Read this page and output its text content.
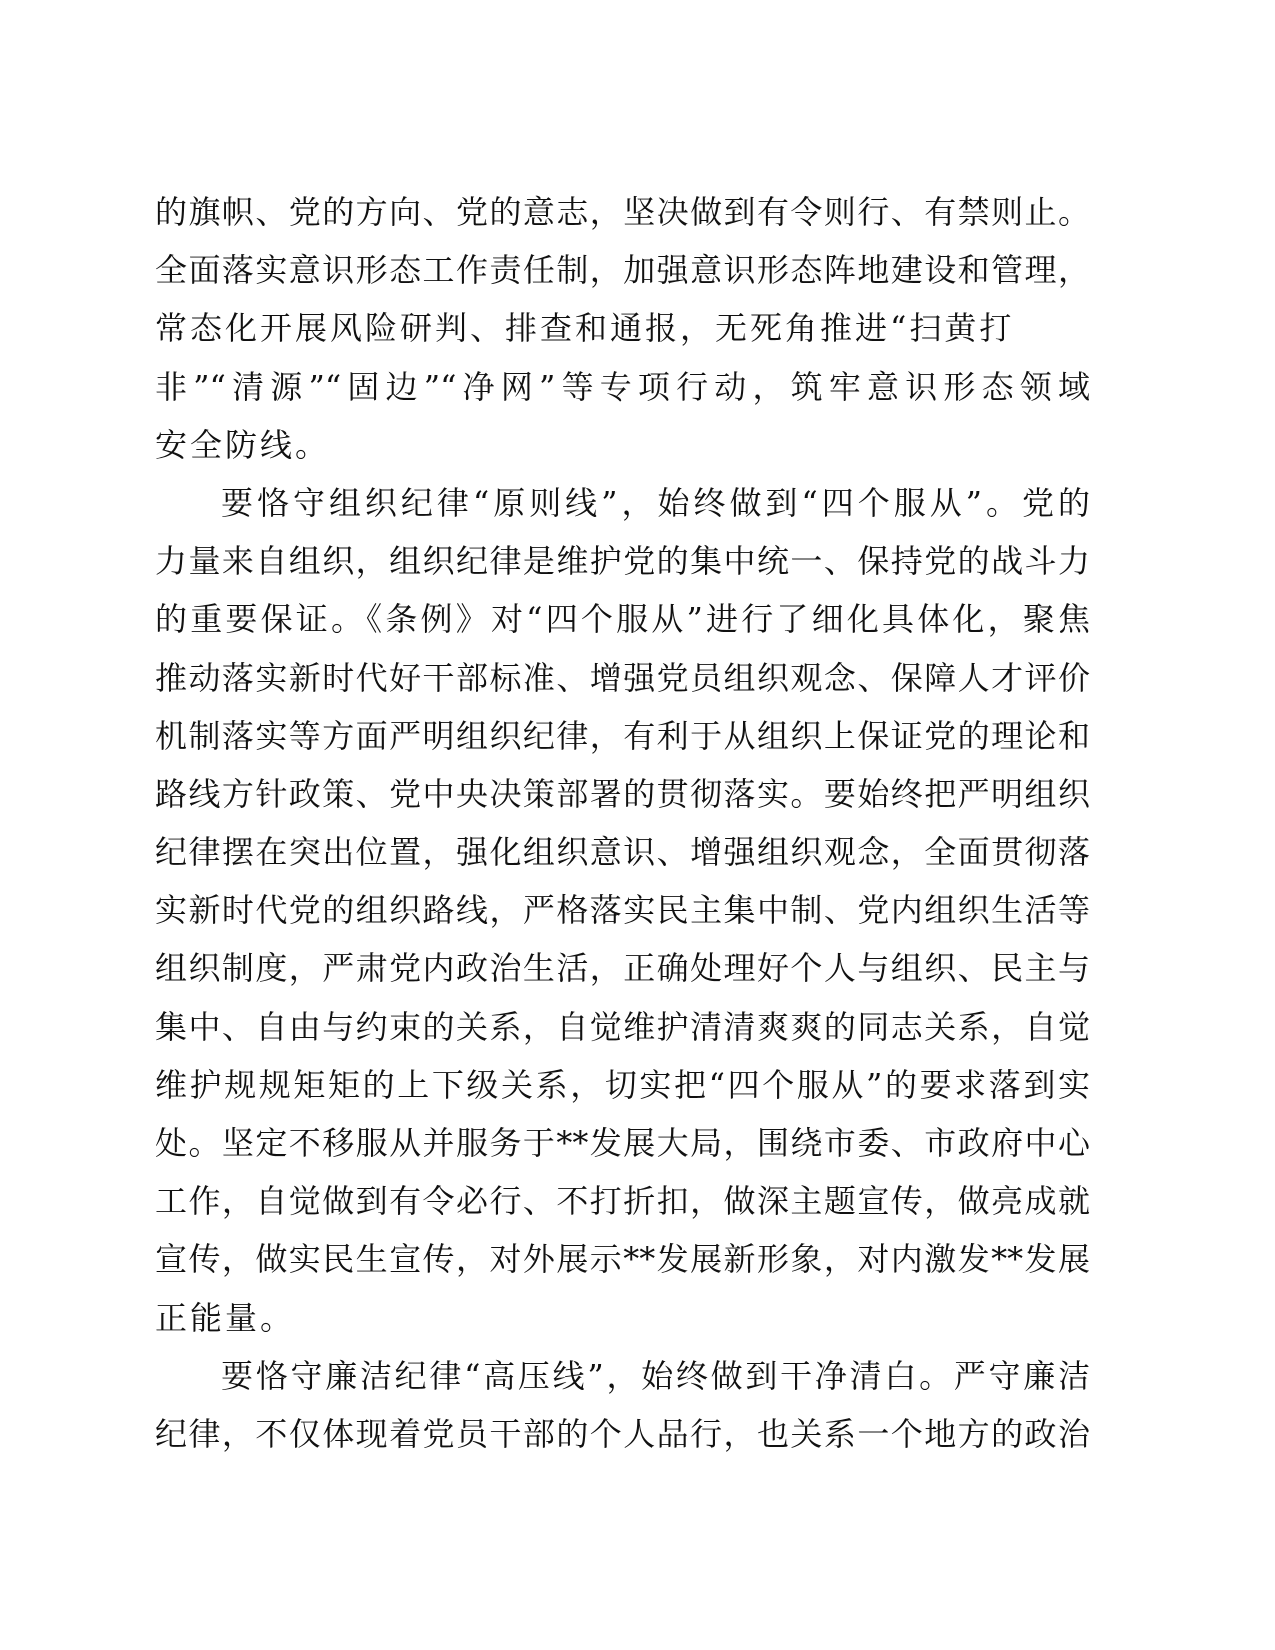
的旗帜、党的方向、党的意志，坚决做到有令则行、有禁则止。
全面落实意识形态工作责任制，加强意识形态阵地建设和管理，
常态化开展风险研判、排查和通报，无死角推进“扫黄打
非”“清源”“固边”“净网”等专项行动，筑牢意识形态领域
安全防线。
要恪守组织纪律“原则线”，始终做到“四个服从”。党的
力量来自组织，组织纪律是维护党的集中统一、保持党的战斗力
的重要保证。《条例》对“四个服从”进行了细化具体化，聚焦
推动落实新时代好干部标准、增强党员组织观念、保障人才评价
机制落实等方面严明组织纪律，有利于从组织上保证党的理论和
路线方针政策、党中央决策部署的贯彻落实。要始终把严明组织
纪律摆在突出位置，强化组织意识、增强组织观念，全面贯彻落
实新时代党的组织路线，严格落实民主集中制、党内组织生活等
组织制度，严肃党内政治生活，正确处理好个人与组织、民主与
集中、自由与约束的关系，自觉维护清清爽爽的同志关系，自觉
维护规规矩矩的上下级关系，切实把“四个服从”的要求落到实
处。坚定不移服从并服务于**发展大局，围绕市委、市政府中心
工作，自觉做到有令必行、不打折扣，做深主题宣传，做亮成就
宣传，做实民生宣传，对外展示**发展新形象，对内激发**发展
正能量。
要恪守廉洁纪律“高压线”，始终做到干净清白。严守廉洁
纪律，不仅体现着党员干部的个人品行，也关系一个地方的政治
